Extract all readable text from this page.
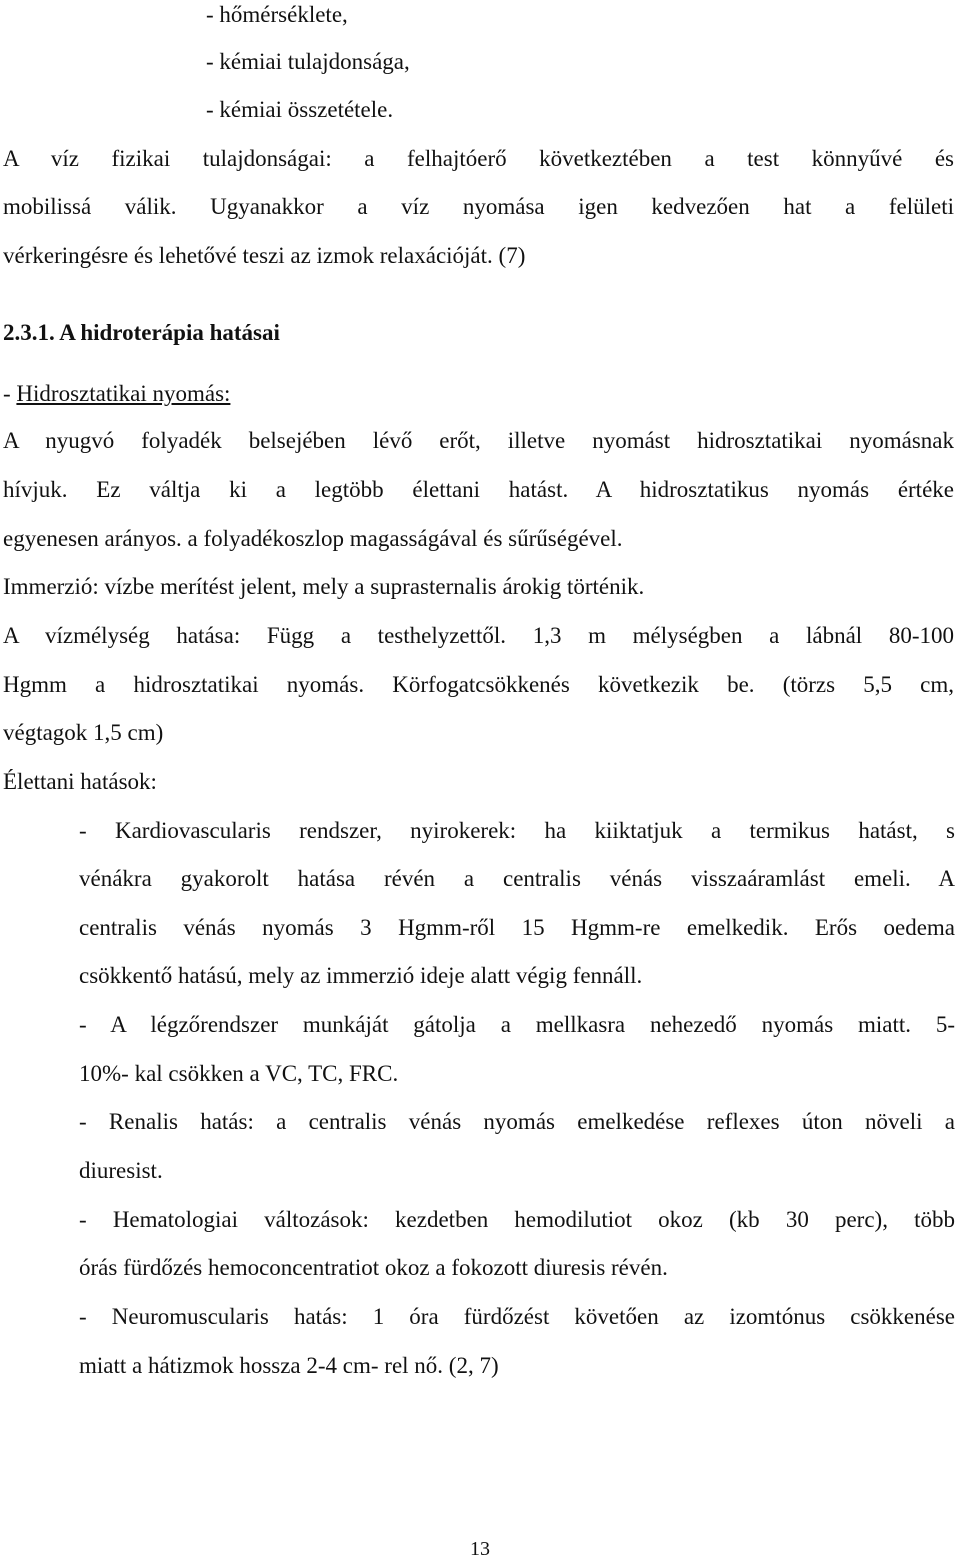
- hőmérséklete,
- kémiai tulajdonsága,
- kémiai összetétele.
A víz fizikai tulajdonságai: a felhajtóerő következtében a test könnyűvé és
mobilissá válik. Ugyanakkor a víz nyomása igen kedvezően hat a felületi
vérkeringésre és lehetővé teszi az izmok relaxációját. (7)
2.3.1. A hidroterápia hatásai
- Hidrosztatikai nyomás:
A nyugvó folyadék belsejében lévő erőt, illetve nyomást hidrosztatikai nyomásnak
hívjuk. Ez váltja ki a legtöbb élettani hatást. A hidrosztatikus nyomás értéke
egyenesen arányos. a folyadékoszlop magasságával és sűrűségével.
Immerzió: vízbe merítést jelent, mely a suprasternalis árokig történik.
A vízmélység hatása: Függ a testhelyzettől. 1,3 m mélységben a lábnál 80-100
Hgmm a hidrosztatikai nyomás. Körfogatcsökkenés következik be. (törzs 5,5 cm,
végtagok 1,5 cm)
Élettani hatások:
- Kardiovascularis rendszer, nyirokerek: ha kiiktatjuk a termikus hatást, s
vénákra gyakorolt hatása révén a centralis vénás visszaáramlást emeli. A
centralis vénás nyomás 3 Hgmm-ről 15 Hgmm-re emelkedik. Erős oedema
csökkentő hatású, mely az immerzió ideje alatt végig fennáll.
- A légzőrendszer munkáját gátolja a mellkasra nehezedő nyomás miatt. 5-
10%- kal csökken a VC, TC, FRC.
- Renalis hatás: a centralis vénás nyomás emelkedése reflexes úton növeli a
diuresist.
- Hematologiai változások: kezdetben hemodilutiot okoz (kb 30 perc), több
órás fürdőzés hemoconcentratiot okoz a fokozott diuresis révén.
- Neuromuscularis hatás: 1 óra fürdőzést követően az izomtónus csökkenése
miatt a hátizmok hossza 2-4 cm- rel nő. (2, 7)
13
